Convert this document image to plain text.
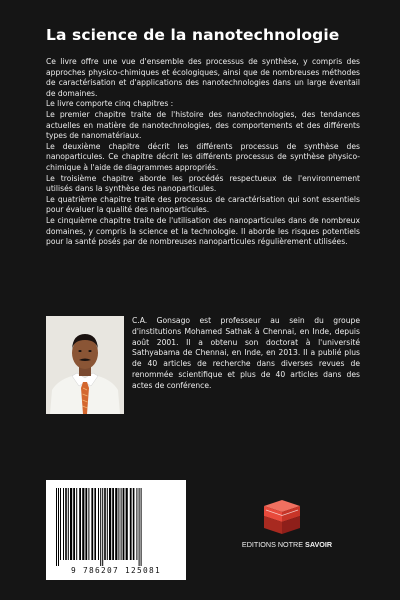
La science de la nanotechnologie

Ce livre offre une vue d'ensemble des processus de synthèse, y compris des approches physico-chimiques et écologiques, ainsi que de nombreuses méthodes de caractérisation et d'applications des nanotechnologies dans un large éventail de domaines.

Le livre comporte cinq chapitres :

Le premier chapitre traite de l'histoire des nanotechnologies, des tendances actuelles en matière de nanotechnologies, des comportements et des différents types de nanomatériaux.

Le deuxième chapitre décrit les différents processus de synthèse des nanoparticules. Ce chapitre décrit les différents processus de synthèse physico-chimique à l'aide de diagrammes appropriés.

Le troisième chapitre aborde les procédés respectueux de l'environnement utilisés dans la synthèse des nanoparticules.

Le quatrième chapitre traite des processus de caractérisation qui sont essentiels pour évaluer la qualité des nanoparticules.

Le cinquième chapitre traite de l'utilisation des nanoparticules dans de nombreux domaines, y compris la science et la technologie. Il aborde les risques potentiels pour la santé posés par de nombreuses nanoparticules régulièrement utilisées.

C.A. Gonsago est professeur au sein du groupe d'institutions Mohamed Sathak à Chennai, en Inde, depuis août 2001. Il a obtenu son doctorat à l'université Sathyabama de Chennai, en Inde, en 2013. Il a publié plus de 40 articles de recherche dans diverses revues de renommée scientifique et plus de 40 articles dans des actes de conférence.
9 786207 125081
EDITIONS NOTRE SAVOIR
